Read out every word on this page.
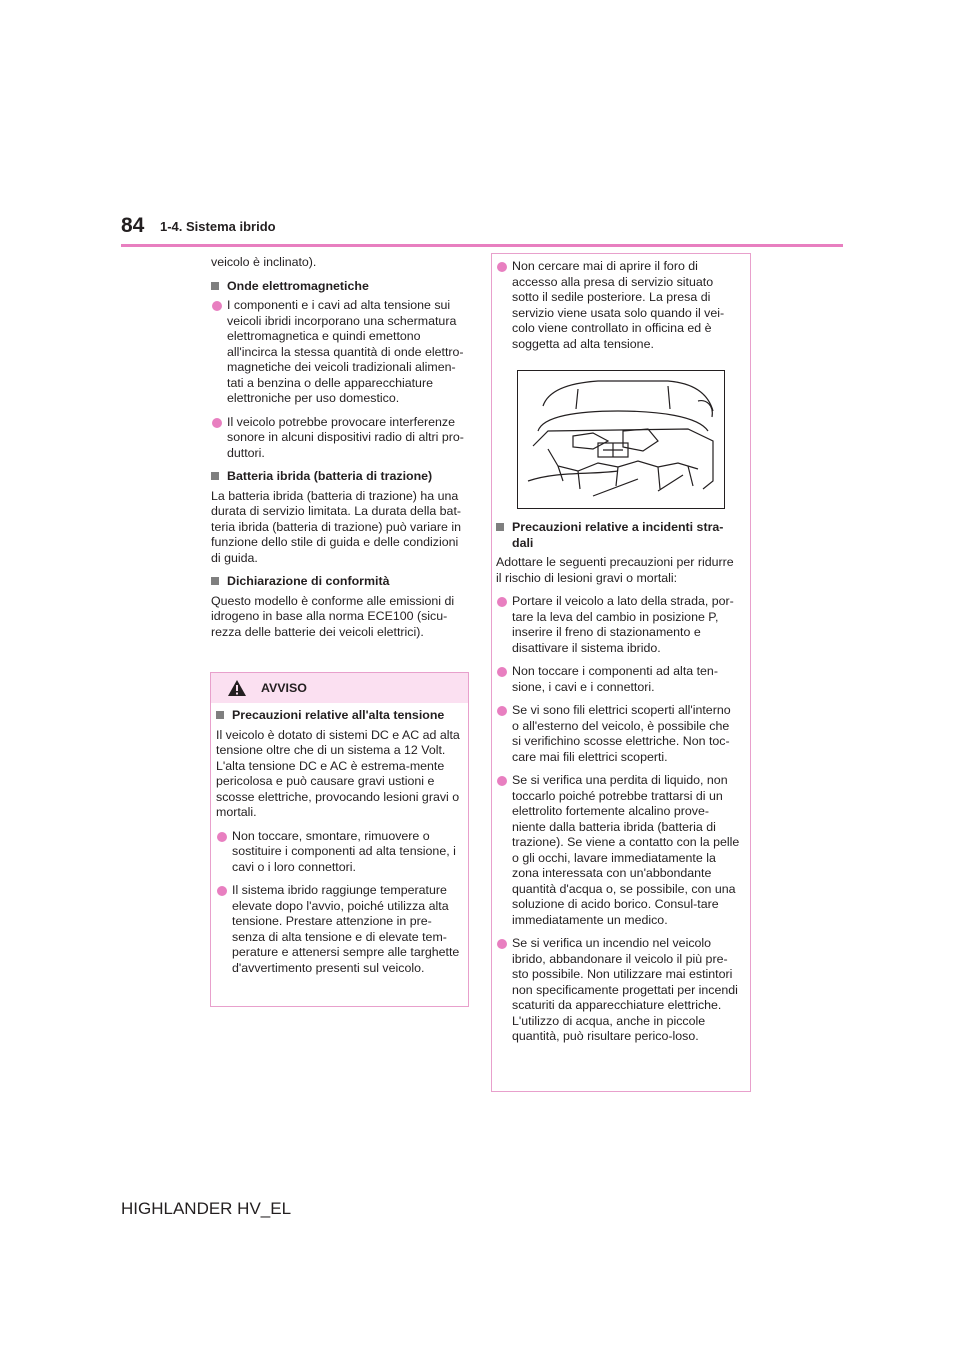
84 1-4. Sistema ibrido

veicolo è inclinato).

Onde elettromagnetiche

I componenti e i cavi ad alta tensione sui veicoli ibridi incorporano una schermatura elettromagnetica e quindi emettono all'incirca la stessa quantità di onde elettro-magnetiche dei veicoli tradizionali alimen-tati a benzina o delle apparecchiature elettroniche per uso domestico.
Il veicolo potrebbe provocare interferenze sonore in alcuni dispositivi radio di altri pro-duttori.

Batteria ibrida (batteria di trazione)

La batteria ibrida (batteria di trazione) ha una durata di servizio limitata. La durata della bat-teria ibrida (batteria di trazione) può variare in funzione dello stile di guida e delle condizioni di guida.

Dichiarazione di conformità

Questo modello è conforme alle emissioni di idrogeno in base alla norma ECE100 (sicu-rezza delle batterie dei veicoli elettrici).

AVVISO

Precauzioni relative all'alta tensione

Il veicolo è dotato di sistemi DC e AC ad alta tensione oltre che di un sistema a 12 Volt. L'alta tensione DC e AC è estrema-mente pericolosa e può causare gravi ustioni e scosse elettriche, provocando lesioni gravi o mortali.

Non toccare, smontare, rimuovere o sostituire i componenti ad alta tensione, i cavi o i loro connettori.
Il sistema ibrido raggiunge temperature elevate dopo l'avvio, poiché utilizza alta tensione. Prestare attenzione in pre-senza di alta tensione e di elevate tem-perature e attenersi sempre alle targhette d'avvertimento presenti sul veicolo.
Non cercare mai di aprire il foro di accesso alla presa di servizio situato sotto il sedile posteriore. La presa di servizio viene usata solo quando il vei-colo viene controllato in officina ed è soggetta ad alta tensione.

Precauzioni relative a incidenti stra-dali

Adottare le seguenti precauzioni per ridurre il rischio di lesioni gravi o mortali:

Portare il veicolo a lato della strada, por-tare la leva del cambio in posizione P, inserire il freno di stazionamento e disattivare il sistema ibrido.
Non toccare i componenti ad alta ten-sione, i cavi e i connettori.
Se vi sono fili elettrici scoperti all'interno o all'esterno del veicolo, è possibile che si verifichino scosse elettriche. Non toc-care mai fili elettrici scoperti.
Se si verifica una perdita di liquido, non toccarlo poiché potrebbe trattarsi di un elettrolito fortemente alcalino prove-niente dalla batteria ibrida (batteria di trazione). Se viene a contatto con la pelle o gli occhi, lavare immediatamente la zona interessata con un'abbondante quantità d'acqua o, se possibile, con una soluzione di acido borico. Consul-tare immediatamente un medico.
Se si verifica un incendio nel veicolo ibrido, abbandonare il veicolo il più pre-sto possibile. Non utilizzare mai estintori non specificamente progettati per incendi scaturiti da apparecchiature elettriche. L'utilizzo di acqua, anche in piccole quantità, può risultare perico-loso.
HIGHLANDER HV_EL
